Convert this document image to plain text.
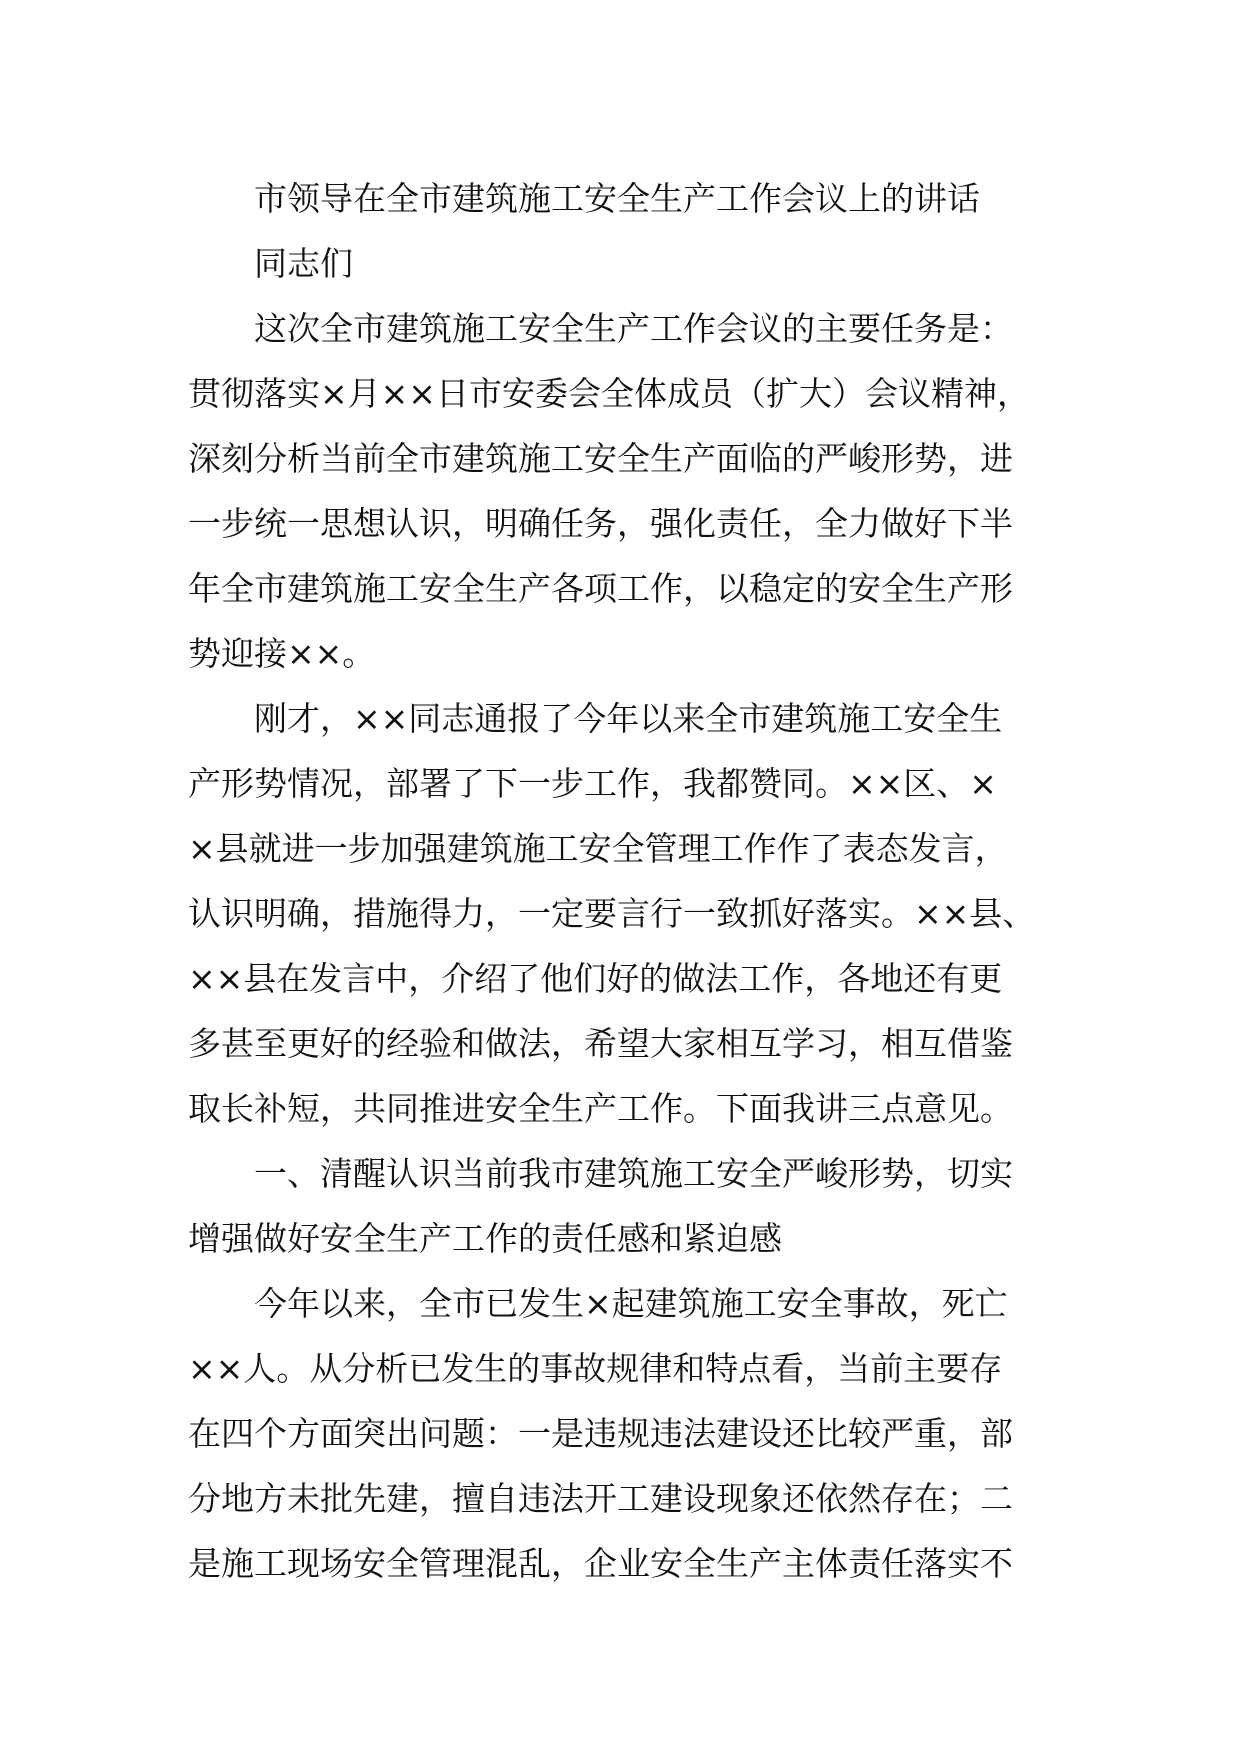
市领导在全市建筑施工安全生产工作会议上的讲话
同志们
这次全市建筑施工安全生产工作会议的主要任务是：
贯彻落实×月××日市安委会全体成员（扩大）会议精神，
深刻分析当前全市建筑施工安全生产面临的严峻形势，进
一步统一思想认识，明确任务，强化责任，全力做好下半
年全市建筑施工安全生产各项工作，以稳定的安全生产形
势迎接××。
刚才，××同志通报了今年以来全市建筑施工安全生
产形势情况，部署了下一步工作，我都赞同。××区、×
×县就进一步加强建筑施工安全管理工作作了表态发言，
认识明确，措施得力，一定要言行一致抓好落实。××县、
××县在发言中，介绍了他们好的做法工作，各地还有更
多甚至更好的经验和做法，希望大家相互学习，相互借鉴
取长补短，共同推进安全生产工作。下面我讲三点意见。
一、清醒认识当前我市建筑施工安全严峻形势，切实
增强做好安全生产工作的责任感和紧迫感
今年以来，全市已发生×起建筑施工安全事故，死亡
××人。从分析已发生的事故规律和特点看，当前主要存
在四个方面突出问题：一是违规违法建设还比较严重，部
分地方未批先建，擅自违法开工建设现象还依然存在；二
是施工现场安全管理混乱，企业安全生产主体责任落实不
